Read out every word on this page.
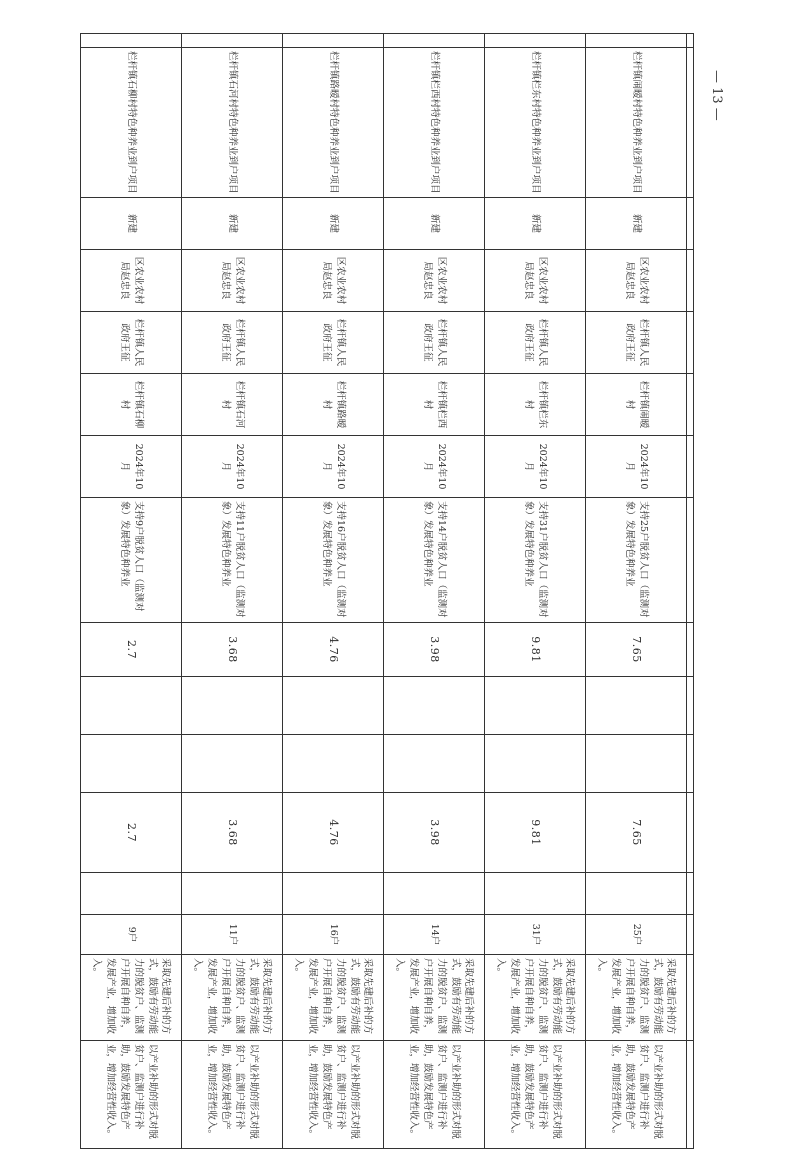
	栏杆镇闹暧村特色种养业到户项目	新建	区农业农村局赵忠良	栏杆镇人民政府王征	栏杆镇闹暧村	2024年10月	支持25户脱贫人口（监测对象）发展特色种养业	7.65			7.65		25户	采取先建后补的方式，鼓励有劳动能力的脱贫户、监测户开展自种自养，发展产业，增加收入。	以产业补助的形式对脱贫户、监测户进行补助，鼓励发展特色产业，增加经营性收入。
	栏杆镇栏东村特色种养业到户项目	新建	区农业农村局赵忠良	栏杆镇人民政府王征	栏杆镇栏东村	2024年10月	支持31户脱贫人口（监测对象）发展特色种养业	9.81			9.81		31户	采取先建后补的方式，鼓励有劳动能力的脱贫户、监测户开展自种自养，发展产业，增加收入。	以产业补助的形式对脱贫户、监测户进行补助，鼓励发展特色产业，增加经营性收入。
	栏杆镇栏西村特色种养业到户项目	新建	区农业农村局赵忠良	栏杆镇人民政府王征	栏杆镇栏西村	2024年10月	支持14户脱贫人口（监测对象）发展特色种养业	3.98			3.98		14户	采取先建后补的方式，鼓励有劳动能力的脱贫户、监测户开展自种自养，发展产业，增加收入。	以产业补助的形式对脱贫户、监测户进行补助，鼓励发展特色产业，增加经营性收入。
	栏杆镇路暧村特色种养业到户项目	新建	区农业农村局赵忠良	栏杆镇人民政府王征	栏杆镇路暧村	2024年10月	支持16户脱贫人口（监测对象）发展特色种养业	4.76			4.76		16户	采取先建后补的方式，鼓励有劳动能力的脱贫户、监测户开展自种自养，发展产业，增加收入。	以产业补助的形式对脱贫户、监测户进行补助，鼓励发展特色产业，增加经营性收入。
	栏杆镇石河村特色种养业到户项目	新建	区农业农村局赵忠良	栏杆镇人民政府王征	栏杆镇石河村	2024年10月	支持11户脱贫人口（监测对象）发展特色种养业	3.68			3.68		11户	采取先建后补的方式，鼓励有劳动能力的脱贫户、监测户开展自种自养，发展产业，增加收入。	以产业补助的形式对脱贫户、监测户进行补助，鼓励发展特色产业，增加经营性收入。
	栏杆镇石柳村特色种养业到户项目	新建	区农业农村局赵忠良	栏杆镇人民政府王征	栏杆镇石柳村	2024年10月	支持9户脱贫人口（监测对象）发展特色种养业	2.7			2.7		9户	采取先建后补的方式，鼓励有劳动能力的脱贫户、监测户开展自种自养，发展产业，增加收入。	以产业补助的形式对脱贫户、监测户进行补助，鼓励发展特色产业，增加经营性收入。
— 13 —
